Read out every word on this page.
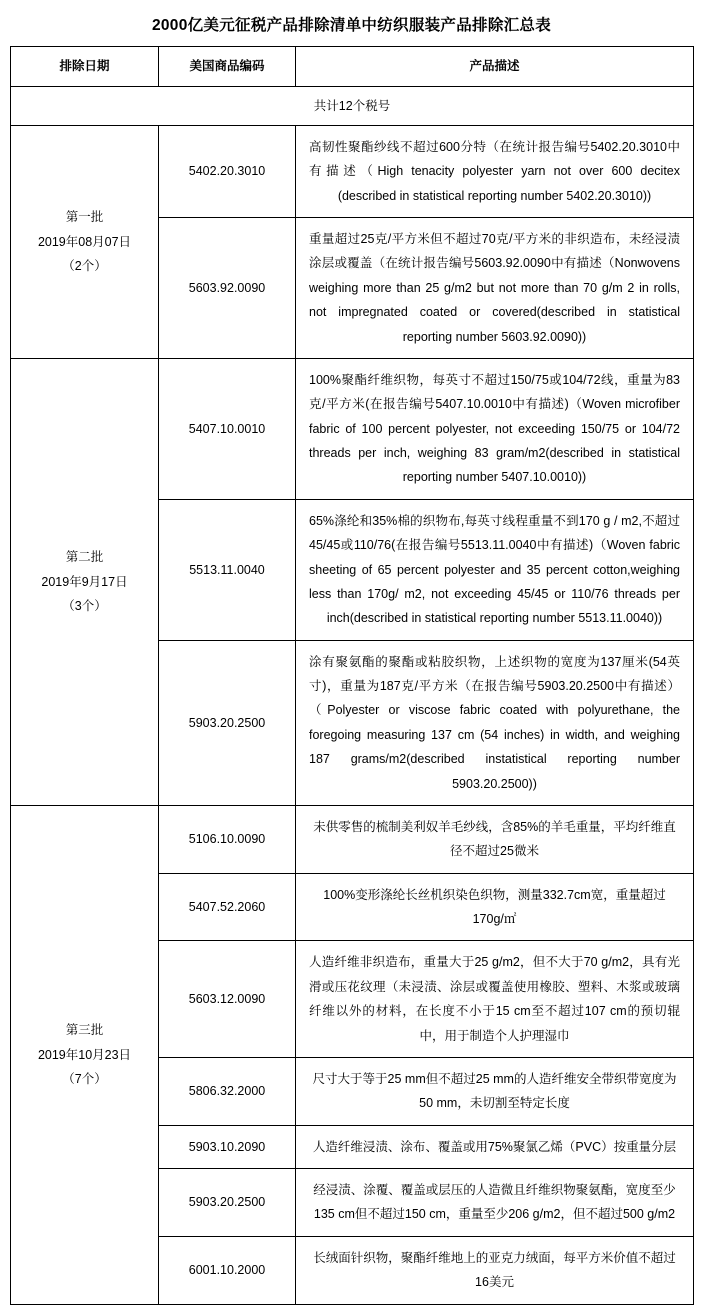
2000亿美元征税产品排除清单中纺织服装产品排除汇总表
排除日期	美国商品编码	产品描述
共计12个税号		

第一批
2019年08月07日
（2个）	5402.20.3010	高韧性聚酯纱线不超过600分特（在统计报告编号5402.20.3010中有描述（High tenacity polyester yarn not over 600 decitex (described in statistical reporting number 5402.20.3010))
	5603.92.0090	重量超过25克/平方米但不超过70克/平方米的非织造布，未经浸渍涂层或覆盖（在统计报告编号5603.92.0090中有描述（Nonwovens weighing more than 25 g/m2 but not more than 70 g/m 2 in rolls, not impregnated coated or covered(described in statistical reporting number 5603.92.0090))

第二批
2019年9月17日
（3个）
	5407.10.0010	100%聚酯纤维织物，每英寸不超过150/75或104/72线，重量为83克/平方米(在报告编号5407.10.0010中有描述)（Woven microfiber fabric of 100 percent polyester, not exceeding 150/75 or 104/72 threads per inch, weighing 83 gram/m2(described in statistical reporting number 5407.10.0010))
	5513.11.0040	65%涤纶和35%棉的织物布,每英寸线程重量不到170 g / m2,不超过45/45或110/76(在报告编号5513.11.0040中有描述)（Woven fabric sheeting of 65 percent polyester and 35 percent cotton,weighing less than 170g/ m2, not exceeding 45/45 or 110/76 threads per inch(described in statistical reporting number 5513.11.0040))
	5903.20.2500	涂有聚氨酯的聚酯或粘胶织物，上述织物的宽度为137厘米(54英寸)，重量为187克/平方米（在报告编号5903.20.2500中有描述）（Polyester or viscose fabric coated with polyurethane, the foregoing measuring 137 cm (54 inches) in width, and weighing 187 grams/m2(described instatistical reporting number 5903.20.2500))

第三批
2019年10月23日
（7个）	5106.10.0090	未供零售的梳制美利奴羊毛纱线，含85%的羊毛重量，平均纤维直径不超过25微米
	5407.52.2060	100%变形涤纶长丝机织染色织物，测量332.7cm宽，重量超过170g/㎡
	5603.12.0090	人造纤维非织造布，重量大于25 g/m2，但不大于70 g/m2，具有光滑或压花纹理（未浸渍、涂层或覆盖使用橡胶、塑料、木浆或玻璃纤维以外的材料，在长度不小于15 cm至不超过107 cm的预切辊中，用于制造个人护理湿巾
	5806.32.2000	尺寸大于等于25 mm但不超过25 mm的人造纤维安全带织带宽度为50 mm，未切割至特定长度
	5903.10.2090	人造纤维浸渍、涂布、覆盖或用75%聚氯乙烯（PVC）按重量分层
	5903.20.2500	经浸渍、涂覆、覆盖或层压的人造微且纤维织物聚氨酯，宽度至少135 cm但不超过150 cm，重量至少206 g/m2，但不超过500 g/m2
	6001.10.2000	长绒面针织物，聚酯纤维地上的亚克力绒面，每平方米价值不超过16美元
